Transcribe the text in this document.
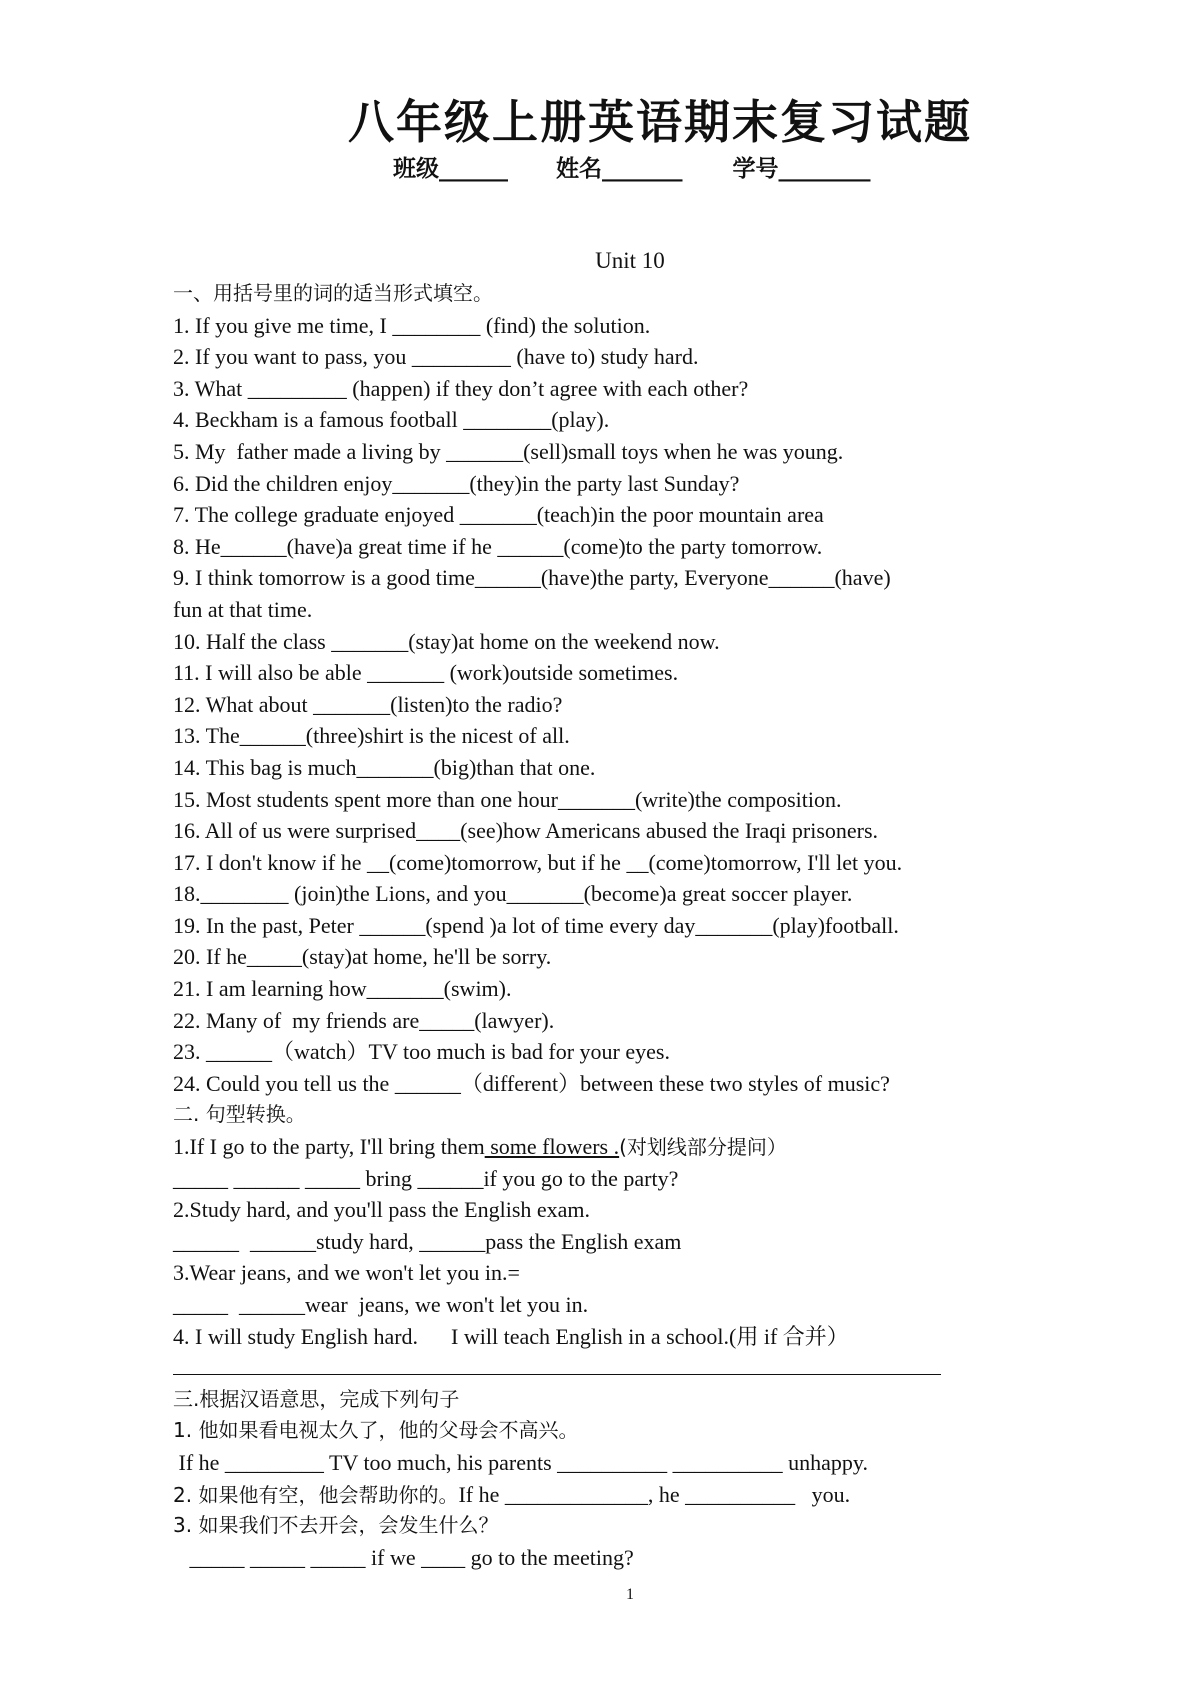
八年级上册英语期末复习试题
班级______ 姓名_______ 学号________
Unit 10
一、用括号里的词的适当形式填空。
1. If you give me time, I ________ (find) the solution.
2. If you want to pass, you _________ (have to) study hard.
3. What _________ (happen) if they don’t agree with each other?
4. Beckham is a famous football ________(play).
5. My  father made a living by _______(sell)small toys when he was young.
6. Did the children enjoy_______(they)in the party last Sunday?
7. The college graduate enjoyed _______(teach)in the poor mountain area
8. He______(have)a great time if he ______(come)to the party tomorrow.
9. I think tomorrow is a good time______(have)the party, Everyone______(have)
fun at that time.
10. Half the class _______(stay)at home on the weekend now.
11. I will also be able _______ (work)outside sometimes.
12. What about _______(listen)to the radio?
13. The______(three)shirt is the nicest of all.
14. This bag is much_______(big)than that one.
15. Most students spent more than one hour_______(write)the composition.
16. All of us were surprised____(see)how Americans abused the Iraqi prisoners.
17. I don't know if he __(come)tomorrow, but if he __(come)tomorrow, I'll let you.
18.________ (join)the Lions, and you_______(become)a great soccer player.
19. In the past, Peter ______(spend )a lot of time every day_______(play)football.
20. If he_____(stay)at home, he'll be sorry.
21. I am learning how_______(swim).
22. Many of  my friends are_____(lawyer).
23. ______（watch）TV too much is bad for your eyes.
24. Could you tell us the ______（different）between these two styles of music?
二. 句型转换。
1.If I go to the party, I'll bring them some flowers .(对划线部分提问）
_____ ______ _____ bring ______if you go to the party?
2.Study hard, and you'll pass the English exam.
______  ______study hard, ______pass the English exam
3.Wear jeans, and we won't let you in.=
_____  ______wear  jeans, we won't let you in.
4. I will study English hard.      I will teach English in a school.(用 if 合并）
三.根据汉语意思，完成下列句子
1. 他如果看电视太久了，他的父母会不高兴。
If he _________ TV too much, his parents __________ __________ unhappy.
2. 如果他有空，他会帮助你的。If he _____________, he __________   you.
3. 如果我们不去开会，会发生什么？
_____ _____ _____ if we ____ go to the meeting?
1
